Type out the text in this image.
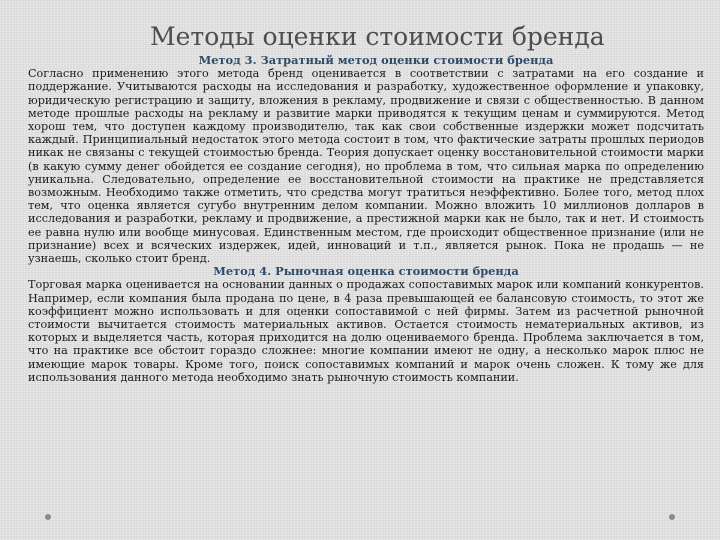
Методы оценки стоимости бренда

Метод 3. Затратный метод оценки стоимости бренда

Согласно применению этого метода бренд оценивается в соответствии с затратами на его создание и поддержание. Учитываются расходы на исследования и разработку, художественное оформление и упаковку, юридическую регистрацию и защиту, вложения в рекламу, продвижение и связи с общественностью. В данном методе прошлые расходы на рекламу и развитие марки приводятся к текущим ценам и суммируются. Метод хорош тем, что доступен каждому производителю, так как свои собственные издержки может подсчитать каждый. Принципиальный недостаток этого метода состоит в том, что фактические затраты прошлых периодов никак не связаны с текущей стоимостью бренда. Теория допускает оценку восстановительной стоимости марки (в какую сумму денег обойдется ее создание сегодня), но проблема в том, что сильная марка по определению уникальна. Следовательно, определение ее восстановительной стоимости на практике не представляется возможным. Необходимо также отметить, что средства могут тратиться неэффективно. Более того, метод плох тем, что оценка является сугубо внутренним делом компании. Можно вложить 10 миллионов долларов в исследования и разработки, рекламу и продвижение, а престижной марки как не было, так и нет. И стоимость ее равна нулю или вообще минусовая. Единственным местом, где происходит общественное признание (или не признание) всех и всяческих издержек, идей, инноваций и т.п., является рынок. Пока не продашь — не узнаешь, сколько стоит бренд.

Метод 4. Рыночная оценка стоимости бренда

Торговая марка оценивается на основании данных о продажах сопоставимых марок или компаний конкурентов. Например, если компания была продана по цене, в 4 раза превышающей ее балансовую стоимость, то этот же коэффициент можно использовать и для оценки сопоставимой с ней фирмы. Затем из расчетной рыночной стоимости вычитается стоимость материальных активов. Остается стоимость нематериальных активов, из которых и выделяется часть, которая приходится на долю оцениваемого бренда. Проблема заключается в том, что на практике все обстоит гораздо сложнее: многие компании имеют не одну, а несколько марок плюс не имеющие марок товары. Кроме того, поиск сопоставимых компаний и марок очень сложен. К тому же для использования данного метода необходимо знать рыночную стоимость компании.
